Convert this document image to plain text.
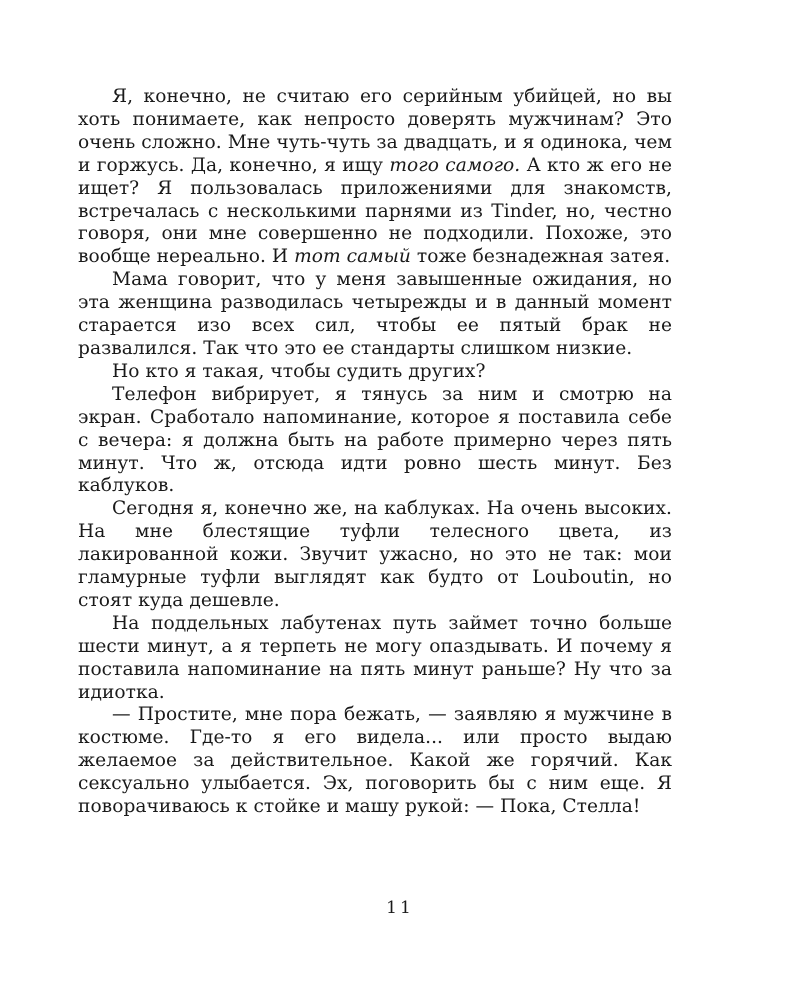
Я, конечно, не считаю его серийным убийцей, но вы хоть понимаете, как непросто доверять мужчинам? Это очень сложно. Мне чуть-чуть за двадцать, и я одинока, чем и горжусь. Да, конечно, я ищу того самого. А кто ж его не ищет? Я пользовалась приложениями для знакомств, встречалась с несколькими парнями из Tinder, но, честно говоря, они мне совершенно не подходили. Похоже, это вообще нереально. И тот самый тоже безнадежная затея.

Мама говорит, что у меня завышенные ожидания, но эта женщина разводилась четырежды и в данный момент старается изо всех сил, чтобы ее пятый брак не развалился. Так что это ее стандарты слишком низкие.

Но кто я такая, чтобы судить других?

Телефон вибрирует, я тянусь за ним и смотрю на экран. Сработало напоминание, которое я поставила себе с вечера: я должна быть на работе примерно через пять минут. Что ж, отсюда идти ровно шесть минут. Без каблуков.

Сегодня я, конечно же, на каблуках. На очень высоких. На мне блестящие туфли телесного цвета, из лакированной кожи. Звучит ужасно, но это не так: мои гламурные туфли выглядят как будто от Louboutin, но стоят куда дешевле.

На поддельных лабутенах путь займет точно больше шести минут, а я терпеть не могу опаздывать. И почему я поставила напоминание на пять минут раньше? Ну что за идиотка.

— Простите, мне пора бежать, — заявляю я мужчине в костюме. Где-то я его видела... или просто выдаю желаемое за действительное. Какой же горячий. Как сексуально улыбается. Эх, поговорить бы с ним еще. Я поворачиваюсь к стойке и машу рукой: — Пока, Стелла!

11
